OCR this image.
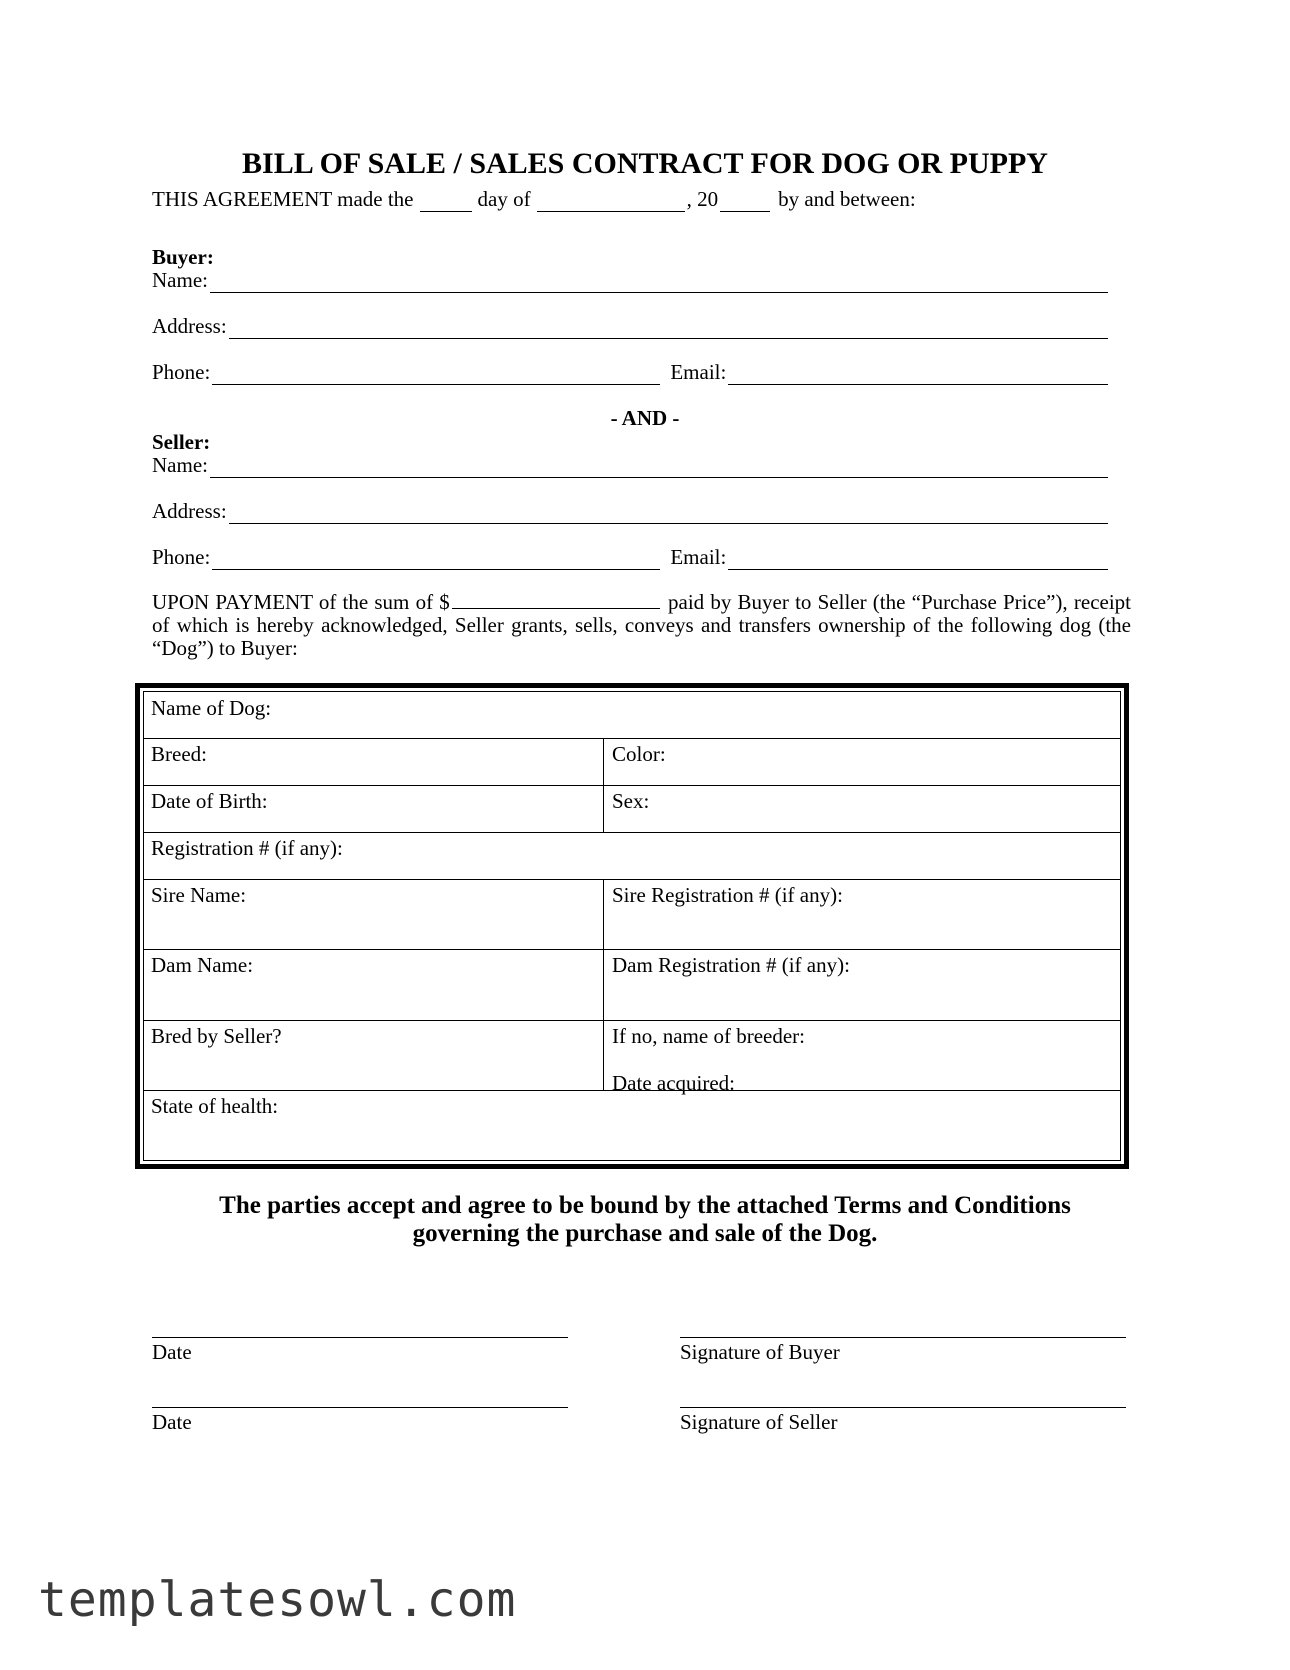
BILL OF SALE / SALES CONTRACT FOR DOG OR PUPPY
THIS AGREEMENT made the	day of	, 20	by and between:
Buyer:
Name:
Address:
Phone:	Email:
- AND -
Seller:
Name:
Address:
Phone:	Email:
UPON PAYMENT of the sum of $	paid by Buyer to Seller (the “Purchase Price”), receipt of which is hereby acknowledged, Seller grants, sells, conveys and transfers ownership of the following dog (the “Dog”) to Buyer:
Name of Dog:
Breed:	Color:
Date of Birth:	Sex:
Registration # (if any):
Sire Name:	Sire Registration # (if any):
Dam Name:	Dam Registration # (if any):
Bred by Seller?	If no, name of breeder:
Date acquired:
State of health:
The parties accept and agree to be bound by the attached Terms and Conditions
governing the purchase and sale of the Dog.
Date	Signature of Buyer
Date	Signature of Seller
templatesowl.com
